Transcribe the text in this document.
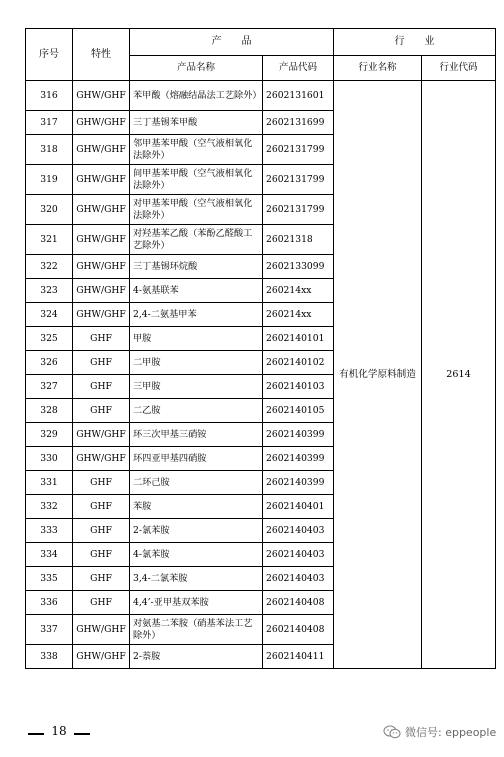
序号	特性	产　　品		行　　业	
		产品名称	产品代码	行业名称	行业代码
316	GHW/GHF	苯甲酸（熔融结晶法工艺除外）	2602131601	有机化学原料制造	2614
317	GHW/GHF	三丁基锡苯甲酸	2602131699		
318	GHW/GHF	邻甲基苯甲酸（空气液相氧化法除外）	2602131799		
319	GHW/GHF	间甲基苯甲酸（空气液相氧化法除外）	2602131799		
320	GHW/GHF	对甲基苯甲酸（空气液相氧化法除外）	2602131799		
321	GHW/GHF	对羟基苯乙酸（苯酚乙醛酸工艺除外）	26021318		
322	GHW/GHF	三丁基锡环烷酸	2602133099		
323	GHW/GHF	4-氨基联苯	260214xx		
324	GHW/GHF	2,4-二氨基甲苯	260214xx		
325	GHF	甲胺	2602140101		
326	GHF	二甲胺	2602140102		
327	GHF	三甲胺	2602140103		
328	GHF	二乙胺	2602140105		
329	GHW/GHF	环三次甲基三硝铵	2602140399		
330	GHW/GHF	环四亚甲基四硝胺	2602140399		
331	GHF	二环己胺	2602140399		
332	GHF	苯胺	2602140401		
333	GHF	2-氯苯胺	2602140403		
334	GHF	4-氯苯胺	2602140403		
335	GHF	3,4-二氯苯胺	2602140403		
336	GHF	4,4’-亚甲基双苯胺	2602140408		
337	GHW/GHF	对氨基二苯胺（硝基苯法工艺除外）	2602140408		
338	GHW/GHF	2-萘胺	2602140411		
18	微信号: eppeople
